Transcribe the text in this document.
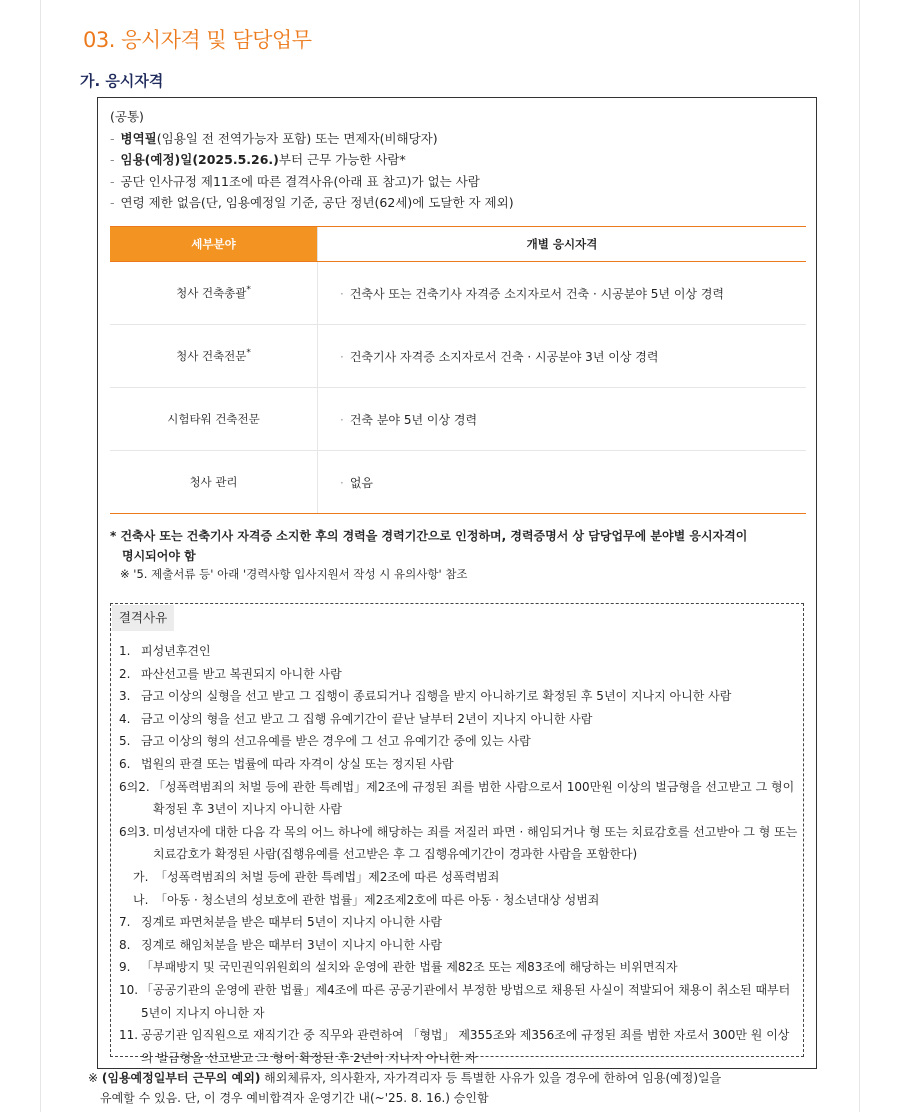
03. 응시자격 및 담당업무
가. 응시자격
(공통)
- 병역필(임용일 전 전역가능자 포함) 또는 면제자(비해당자)
- 임용(예정)일(2025.5.26.)부터 근무 가능한 사람*
- 공단 인사규정 제11조에 따른 결격사유(아래 표 참고)가 없는 사람
- 연령 제한 없음(단, 임용예정일 기준, 공단 정년(62세)에 도달한 자 제외)
세부분야	개별 응시자격
청사 건축총괄*	· 건축사 또는 건축기사 자격증 소지자로서 건축 · 시공분야 5년 이상 경력
청사 건축전문*	· 건축기사 자격증 소지자로서 건축 · 시공분야 3년 이상 경력
시험타워 건축전문	· 건축 분야 5년 이상 경력
청사 관리	· 없음
* 건축사 또는 건축기사 자격증 소지한 후의 경력을 경력기간으로 인정하며, 경력증명서 상 담당업무에 분야별 응시자격이
명시되어야 함
※ '5. 제출서류 등' 아래 '경력사항 입사지원서 작성 시 유의사항' 참조
결격사유
1. 피성년후견인
2. 파산선고를 받고 복권되지 아니한 사람
3. 금고 이상의 실형을 선고 받고 그 집행이 종료되거나 집행을 받지 아니하기로 확정된 후 5년이 지나지 아니한 사람
4. 금고 이상의 형을 선고 받고 그 집행 유예기간이 끝난 날부터 2년이 지나지 아니한 사람
5. 금고 이상의 형의 선고유예를 받은 경우에 그 선고 유예기간 중에 있는 사람
6. 법원의 판결 또는 법률에 따라 자격이 상실 또는 정지된 사람
6의2. 「성폭력범죄의 처벌 등에 관한 특례법」제2조에 규정된 죄를 범한 사람으로서 100만원 이상의 벌금형을 선고받고 그 형이 확정된 후 3년이 지나지 아니한 사람
6의3. 미성년자에 대한 다음 각 목의 어느 하나에 해당하는 죄를 저질러 파면 · 해임되거나 형 또는 치료감호를 선고받아 그 형 또는 치료감호가 확정된 사람(집행유예를 선고받은 후 그 집행유예기간이 경과한 사람을 포함한다)
가. 「성폭력범죄의 처벌 등에 관한 특례법」제2조에 따른 성폭력범죄
나. 「아동 · 청소년의 성보호에 관한 법률」제2조제2호에 따른 아동 · 청소년대상 성범죄
7. 징계로 파면처분을 받은 때부터 5년이 지나지 아니한 사람
8. 징계로 해임처분을 받은 때부터 3년이 지나지 아니한 사람
9. 「부패방지 및 국민권익위원회의 설치와 운영에 관한 법률 제82조 또는 제83조에 해당하는 비위면직자
10. 「공공기관의 운영에 관한 법률」제4조에 따른 공공기관에서 부정한 방법으로 채용된 사실이 적발되어 채용이 취소된 때부터 5년이 지나지 아니한 자
11. 공공기관 임직원으로 재직기간 중 직무와 관련하여 「형법」 제355조와 제356조에 규정된 죄를 범한 자로서 300만 원 이상의 벌금형을 선고받고 그 형이 확정된 후 2년이 지나지 아니한 자
※ (임용예정일부터 근무의 예외) 해외체류자, 의사환자, 자가격리자 등 특별한 사유가 있을 경우에 한하여 임용(예정)일을
유예할 수 있음. 단, 이 경우 예비합격자 운영기간 내(~'25. 8. 16.) 승인함
